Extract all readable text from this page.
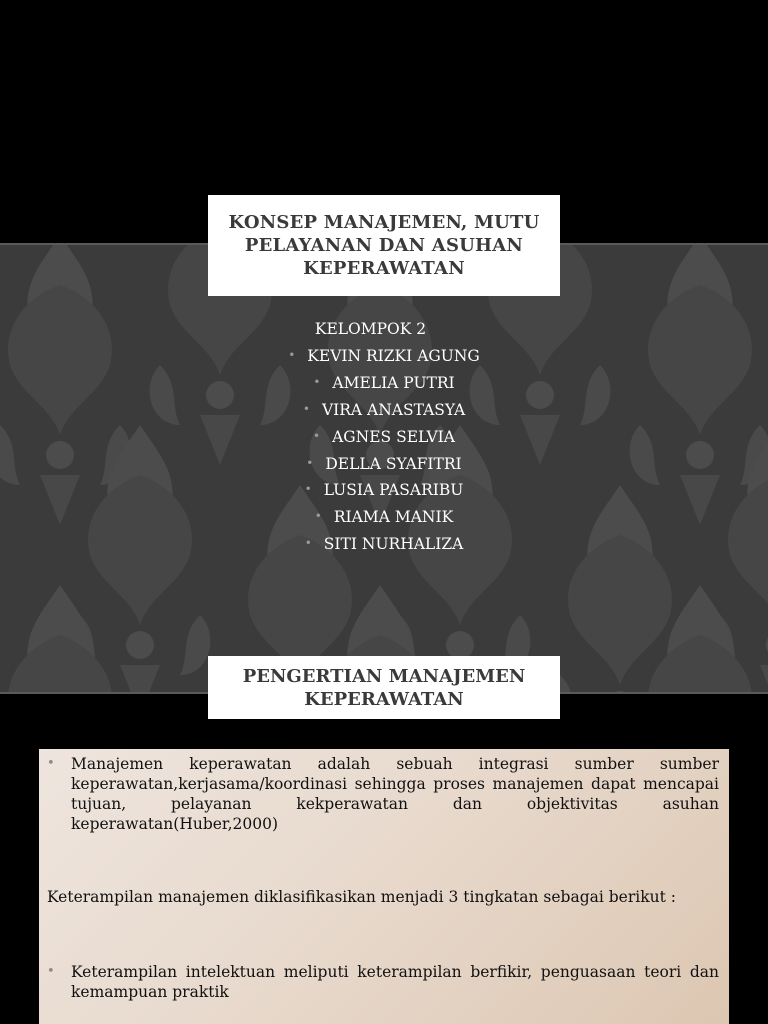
KONSEP MANAJEMEN, MUTU PELAYANAN DAN ASUHAN KEPERAWATAN
KELOMPOK 2
• KEVIN RIZKI AGUNG
• AMELIA PUTRI
• VIRA ANASTASYA
• AGNES SELVIA
• DELLA SYAFITRI
• LUSIA PASARIBU
• RIAMA MANIK
• SITI NURHALIZA
PENGERTIAN MANAJEMEN KEPERAWATAN
• Manajemen keperawatan adalah sebuah integrasi sumber sumber keperawatan,kerjasama/koordinasi sehingga proses manajemen dapat mencapai tujuan, pelayanan kekperawatan dan objektivitas asuhan keperawatan(Huber,2000)
Keterampilan manajemen diklasifikasikan menjadi 3 tingkatan sebagai berikut :
• Keterampilan intelektuan meliputi keterampilan berfikir, penguasaan teori dan kemampuan praktik
